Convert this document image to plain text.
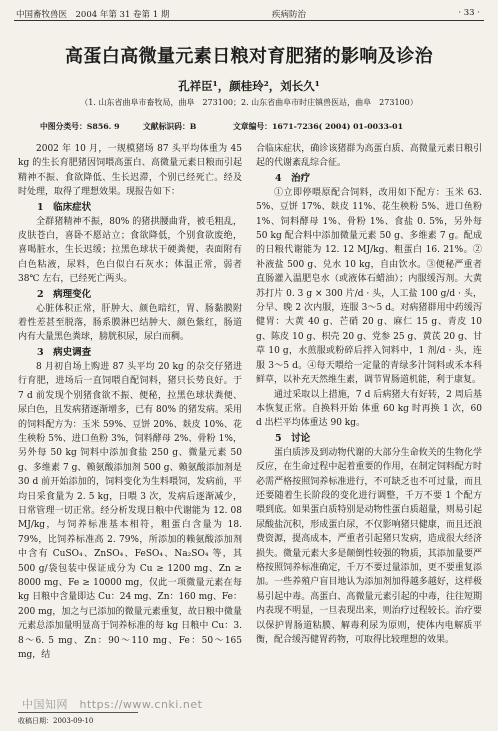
中国畜牧兽医　2004 年第 31 卷第 1 期	疾病防治	· 33 ·
高蛋白高微量元素日粮对育肥猪的影响及诊治
孔祥臣¹，颜桂玲²，刘长久¹
（1. 山东省曲阜市畜牧局，曲阜　273100；2. 山东省曲阜市时庄镇兽医站，曲阜　273100）
中图分类号：S856. 9	文献标识码：B	文章编号：1671-7236( 2004) 01-0033-01

2002 年 10 月，一规模猪场 87 头平均体重为 45 kg 的生长育肥猪因饲喂高蛋白、高微量元素日粮而引起精神不振、食欲降低、生长迟滞，个别已经死亡。经及时处理，取得了理想效果。现报告如下：

1　临床症状

全群猪精神不振，80% 的猪拱腰曲背，被毛粗乱，皮肤苍白，喜卧不愿站立；食欲降低，个别食欲废绝，喜喝脏水，生长迟缓；拉黑色球状干硬粪便，表面附有白色粘液，尿料，色白似白石灰水；体温正常，弱者 38℃ 左右，已经死亡两头。

2　病理变化

心脏体积正常，肝肿大、颜色暗红，胃、肠黏膜附着性差甚至脱落，肠系膜淋巴结肿大、颜色紫红，肠道内有大量黑色粪球，膀胱积尿，尿白而稠。

3　病史调查

8 月初自场上购进 87 头平均 20 kg 的杂交仔猪进行育肥，进场后一直饲喂自配饲料，猪只长势良好。于 7 d 前发现个别猪食欲不振、便秘，拉黑色球状粪便、尿白色，且发病猪逐渐增多，已有 80% 的猪发病。采用的饲料配方为：玉米 59%、豆饼 20%、麸皮 10%、花生秧粉 5%、进口鱼粉 3%，饲料酵母 2%、骨粉 1%，另外每 50 kg 饲料中添加食盐 250 g、微量元素 50 g、多维素 7 g、赖氨酸添加剂 500 g、赖氨酸添加剂是 30 d 前开始添加的，饲料变化为生料喂饲，发病前，平均日采食量为 2. 5 kg，日喂 3 次，发病后逐渐减少，日常管理一切正常。经分析发现日粮中代谢能为 12. 08 MJ/kg，与饲养标准基本相符，粗蛋白含量为 18. 79%，比饲养标准高 2. 79%，所添加的赖氨酸添加剂中含有 CuSO₄、ZnSO₄、FeSO₄、Na₂SO₄ 等，其 500 g/袋包装中保证成分为 Cu ≥ 1200 mg、Zn ≥ 8000 mg、Fe ≥ 10000 mg，仅此一项微量元素在每 kg 日粮中含量即达 Cu：24 mg、Zn：160 mg、Fe：200 mg，加之与已添加的微量元素重复，故日粮中微量元素总添加量明显高于饲养标准的每 kg 日粮中 Cu：3. 8～6. 5 mg、Zn：90～110 mg、Fe：50～165 mg，结

合临床症状，确诊该猪群为高蛋白质、高微量元素日粮引起的代谢紊乱综合征。

4　治疗

①立即停喂原配合饲料，改用如下配方：玉米 63. 5%、豆饼 17%、麸皮 11%、花生秧粉 5%、进口鱼粉 1%、饲料酵母 1%、骨粉 1%、食盐 0. 5%，另外每 50 kg 配合料中添加微量元素 50 g、多维素 7 g。配成的日粮代谢能为 12. 12 MJ/kg、粗蛋白 16. 21%。②补液盐 500 g、兑水 10 kg，自由饮水。③便秘严重者直肠灌入温肥皂水（或液体石蜡油）；内服缓泻剂。大黄苏打片 0. 3 g × 300 片/d · 头，人工盐 100 g/d · 头，分早、晚 2 次内服，连服 3～5 d。对病猪群用中药缓泻健胃：大黄 40 g、芒硝 20 g、麻仁 15 g、青皮 10 g、陈皮 10 g、枳壳 20 g、党参 25 g、黄芪 20 g、甘草 10 g，水煎服或粉碎后拌入饲料中，1 剂/d · 头，连服 3～5 d。④每天喂给一定量的青绿多汁饲料或禾本科鲜草，以补充天然维生素，调节胃肠道机能，利于康复。

通过采取以上措施，7 d 后病猪大有好转，2 周后基本恢复正常。自换料开始 体重 60 kg 时再换 1 次，60 d 出栏平均体重达 90 kg。

5　讨论

蛋白质涉及到动物代谢的大部分生命攸关的生物化学反应，在生命过程中起着重要的作用，在制定饲料配方时必需严格按照饲养标准进行，不可缺乏也不可过量，而且还要随着生长阶段的变化进行调整，千万不要 1 个配方喂到底。如果蛋白质特别是动物性蛋白质超量，则易引起尿酸盐沉积，形成蛋白尿，不仅影响猪只健康，而且还浪费资源，提高成本，严重者引起猪只发病，造成很大经济损失。微量元素大多是颠倒性较强的物质，其添加量要严格按照饲养标准确定，千万不要过量添加，更不要重复添加。一些养殖户盲目地认为添加剂加得越多越好，这样极易引起中毒。高蛋白、高微量元素引起的中毒，往往短期内表现不明显，一旦表现出来，则治疗过程较长。治疗要以保护胃肠道粘膜、解毒利尿为原则，使体内电解质平衡，配合缓泻健胃药物，可取得比较理想的效果。

中国知网　https://www.cnki.net
收稿日期：2003-09-10
